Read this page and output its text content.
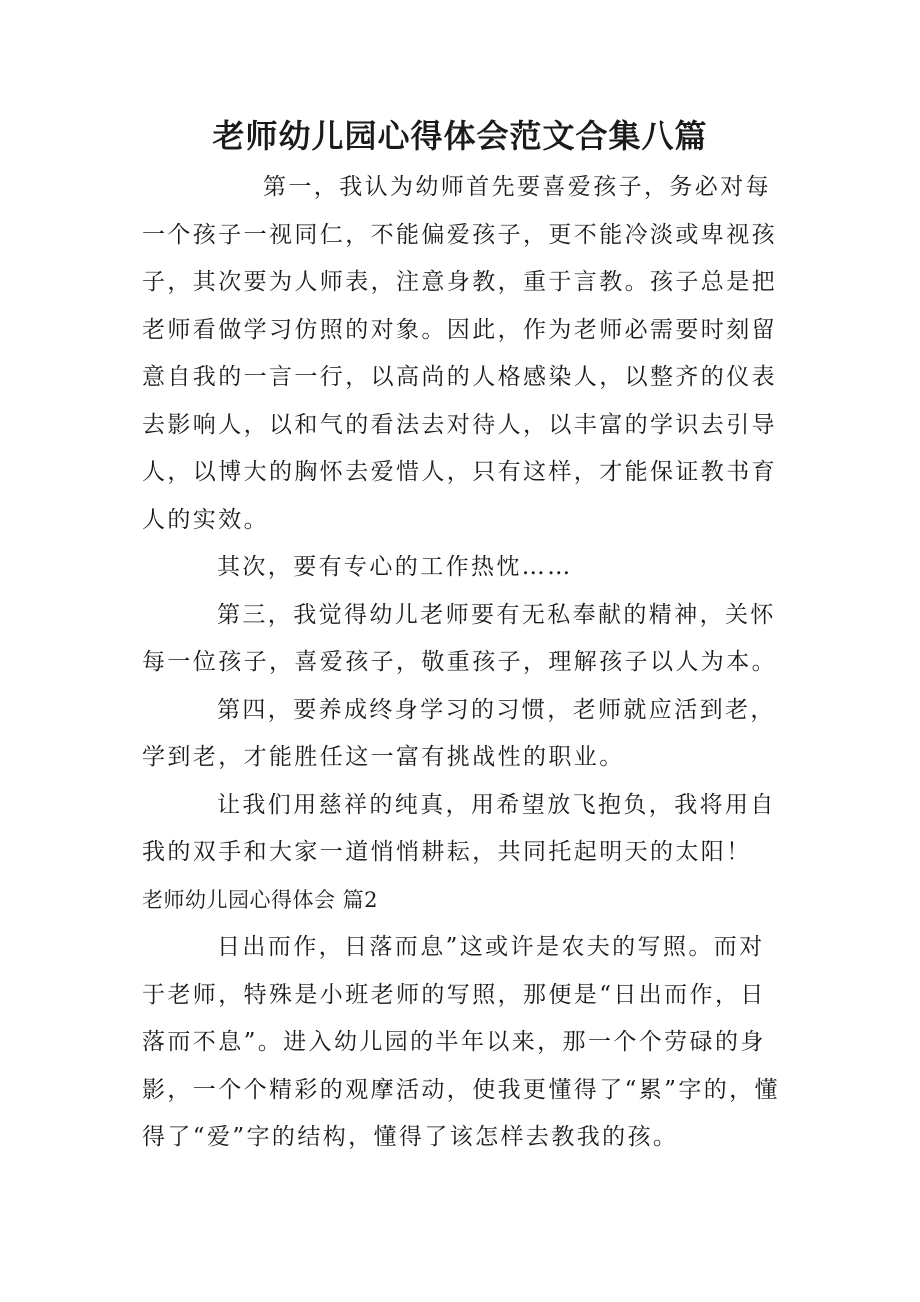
老师幼儿园心得体会范文合集八篇

第一，我认为幼师首先要喜爱孩子，务必对每一个孩子一视同仁，不能偏爱孩子，更不能冷淡或卑视孩子，其次要为人师表，注意身教，重于言教。孩子总是把老师看做学习仿照的对象。因此，作为老师必需要时刻留意自我的一言一行，以高尚的人格感染人，以整齐的仪表去影响人，以和气的看法去对待人，以丰富的学识去引导人，以博大的胸怀去爱惜人，只有这样，才能保证教书育人的实效。

其次，要有专心的工作热忱……

第三，我觉得幼儿老师要有无私奉献的精神，关怀每一位孩子，喜爱孩子，敬重孩子，理解孩子以人为本。

第四，要养成终身学习的习惯，老师就应活到老，学到老，才能胜任这一富有挑战性的职业。

让我们用慈祥的纯真，用希望放飞抱负，我将用自我的双手和大家一道悄悄耕耘，共同托起明天的太阳！

老师幼儿园心得体会 篇2

日出而作，日落而息”这或许是农夫的写照。而对于老师，特殊是小班老师的写照，那便是“日出而作，日落而不息”。进入幼儿园的半年以来，那一个个劳碌的身影，一个个精彩的观摩活动，使我更懂得了“累”字的，懂得了“爱”字的结构，懂得了该怎样去教我的孩。
